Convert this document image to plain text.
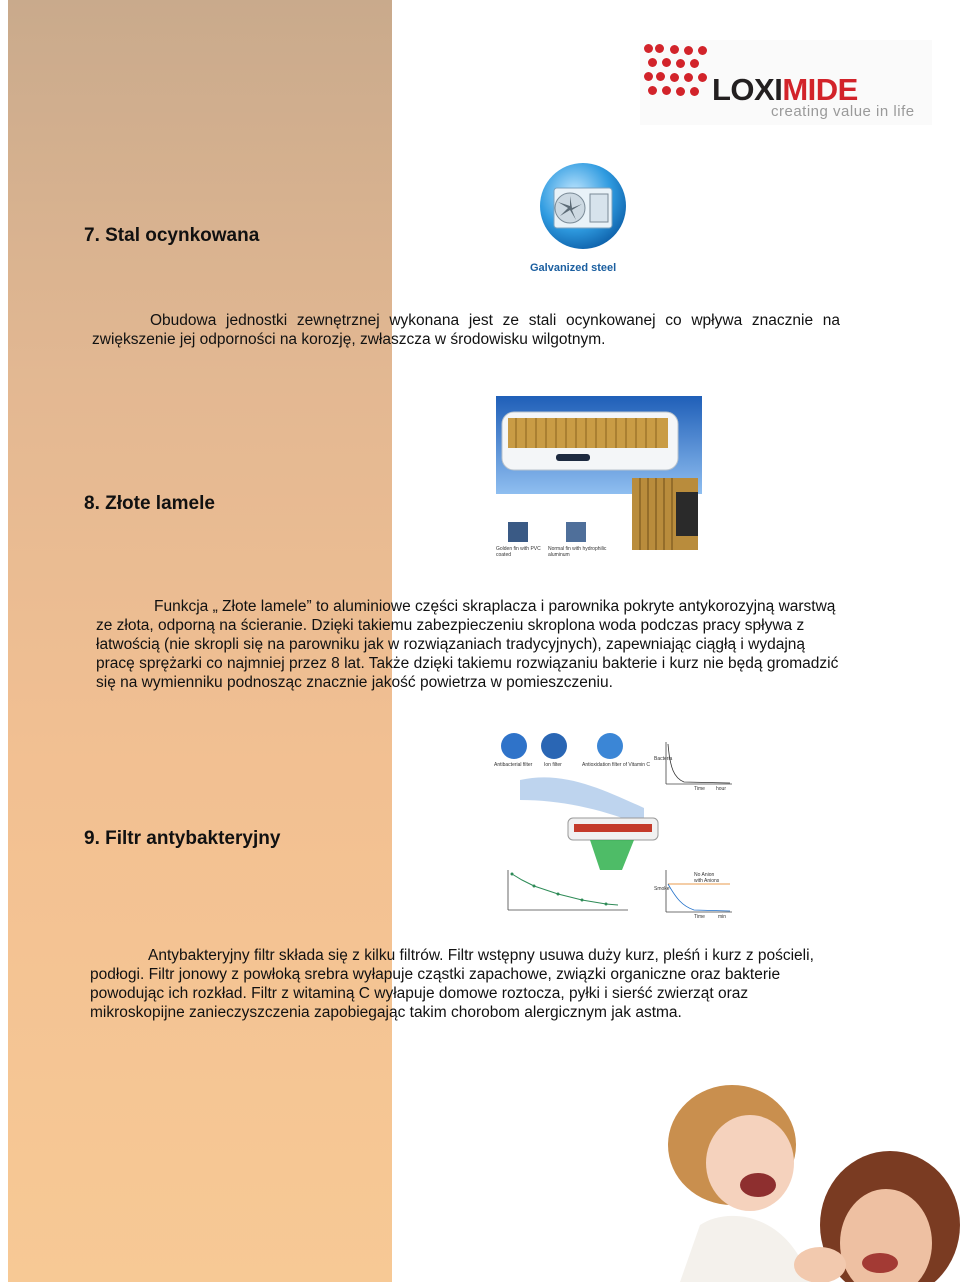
LOXIMIDE
creating value in life
7. Stal ocynkowana
Galvanized steel

Obudowa jednostki zewnętrznej wykonana jest ze stali ocynkowanej co wpływa znacznie na zwiększenie jej odporności na korozję, zwłaszcza w środowisku wilgotnym.

8. Złote lamele
Golden fin with PVC coated
Normal fin with hydrophilic aluminum

Funkcja „ Złote lamele” to aluminiowe części skraplacza i parownika pokryte antykorozyjną warstwą ze złota, odporną na ścieranie. Dzięki takiemu zabezpieczeniu skroplona woda podczas pracy spływa z łatwością (nie skropli się na parowniku jak w rozwiązaniach tradycyjnych), zapewniając ciągłą i wydajną pracę sprężarki co najmniej przez 8 lat. Także dzięki takiemu rozwiązaniu bakterie i kurz nie będą gromadzić się na wymienniku podnosząc znacznie jakość powietrza w pomieszczeniu.

9. Filtr antybakteryjny
Antibacterial filter Ion filter	Antioxidation filter of Vitamin C
Bacteria
Time hour
Smoke
No Anion
with Anions
Time	min

Antybakteryjny filtr składa się z kilku filtrów. Filtr wstępny usuwa duży kurz, pleśń i kurz z pościeli, podłogi. Filtr jonowy z powłoką srebra wyłapuje cząstki zapachowe, związki organiczne oraz bakterie powodując ich rozkład. Filtr z witaminą C wyłapuje domowe roztocza, pyłki i sierść zwierząt oraz mikroskopijne zanieczyszczenia zapobiegając takim chorobom alergicznym jak astma.
